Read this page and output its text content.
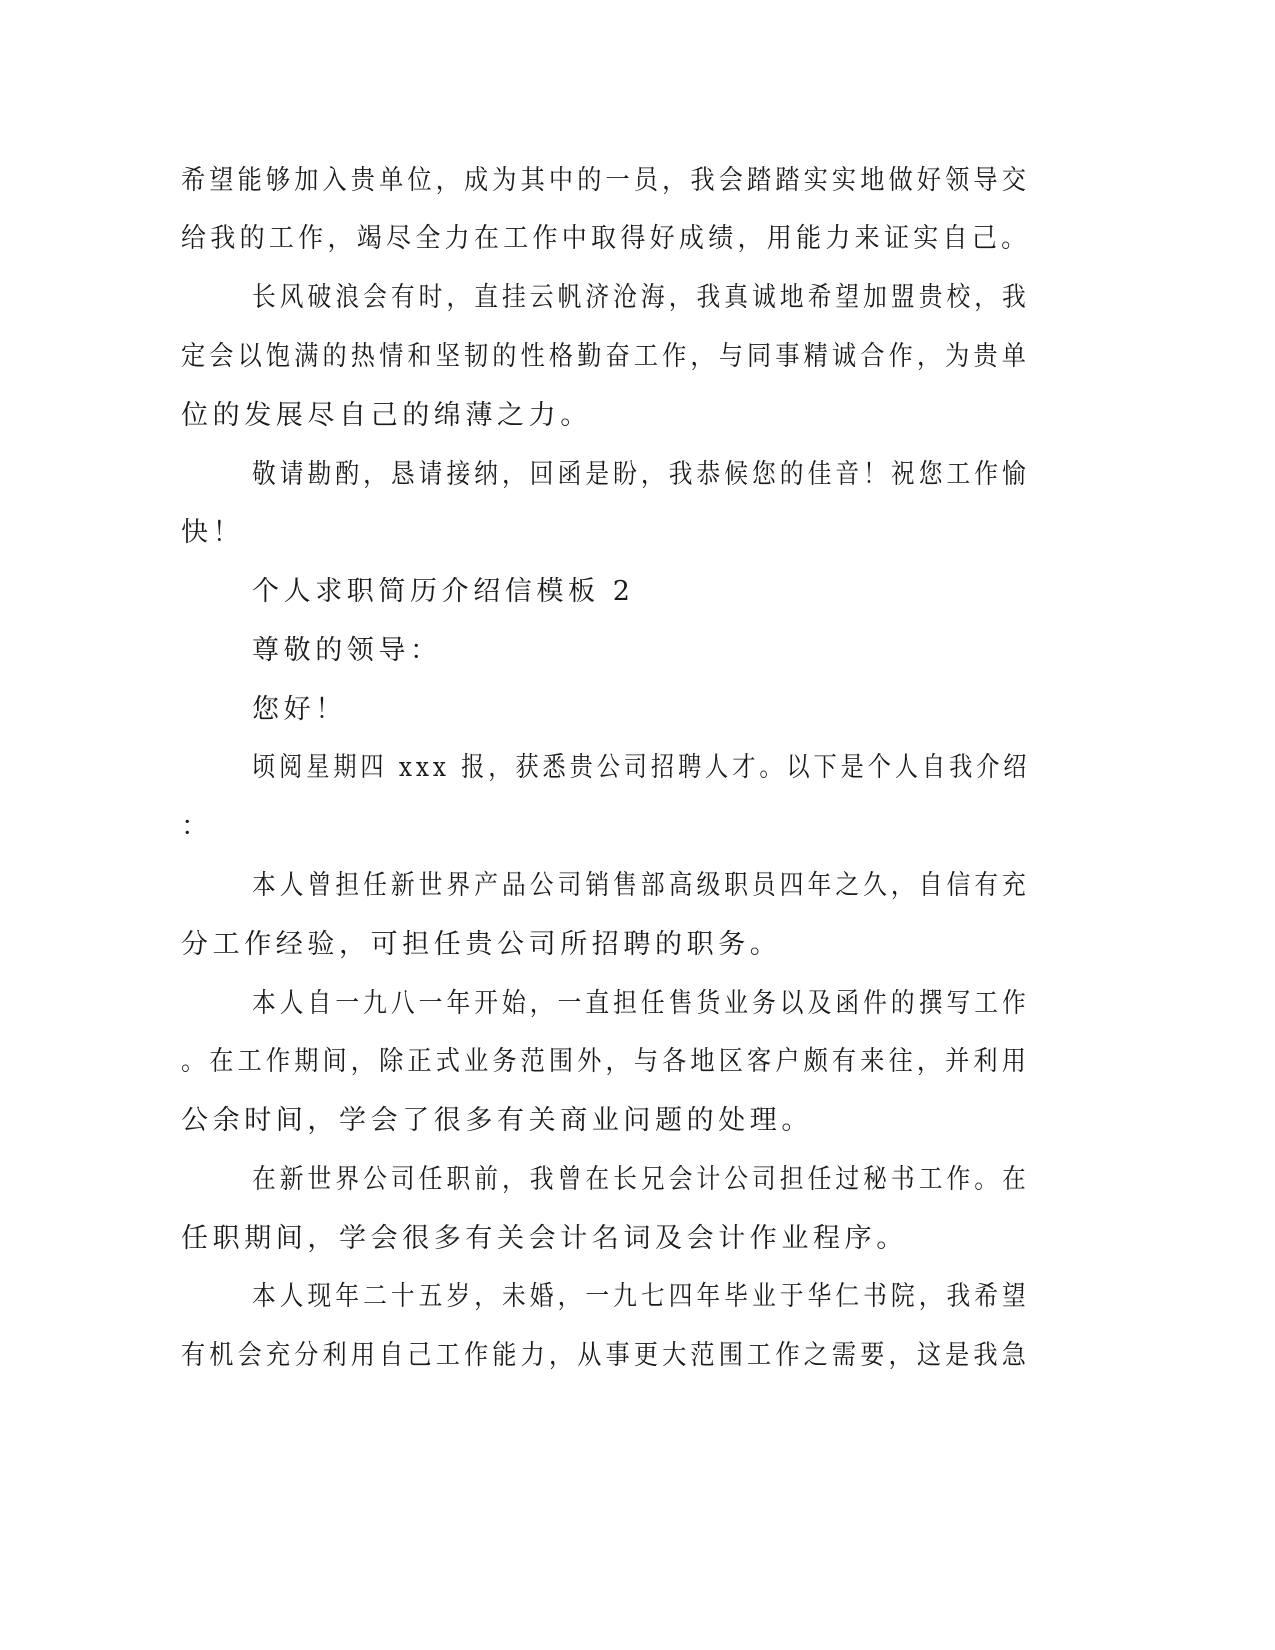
希望能够加入贵单位，成为其中的一员，我会踏踏实实地做好领导交
给我的工作，竭尽全力在工作中取得好成绩，用能力来证实自己。
长风破浪会有时，直挂云帆济沧海，我真诚地希望加盟贵校，我
定会以饱满的热情和坚韧的性格勤奋工作，与同事精诚合作，为贵单
位的发展尽自己的绵薄之力。
敬请勘酌，恳请接纳，回函是盼，我恭候您的佳音！祝您工作愉
快！
个人求职简历介绍信模板 2
尊敬的领导：
您好！
顷阅星期四 xxx 报，获悉贵公司招聘人才。以下是个人自我介绍
：
本人曾担任新世界产品公司销售部高级职员四年之久，自信有充
分工作经验，可担任贵公司所招聘的职务。
本人自一九八一年开始，一直担任售货业务以及函件的撰写工作
。在工作期间，除正式业务范围外，与各地区客户颇有来往，并利用
公余时间，学会了很多有关商业问题的处理。
在新世界公司任职前，我曾在长兄会计公司担任过秘书工作。在
任职期间，学会很多有关会计名词及会计作业程序。
本人现年二十五岁，未婚，一九七四年毕业于华仁书院，我希望
有机会充分利用自己工作能力，从事更大范围工作之需要，这是我急
